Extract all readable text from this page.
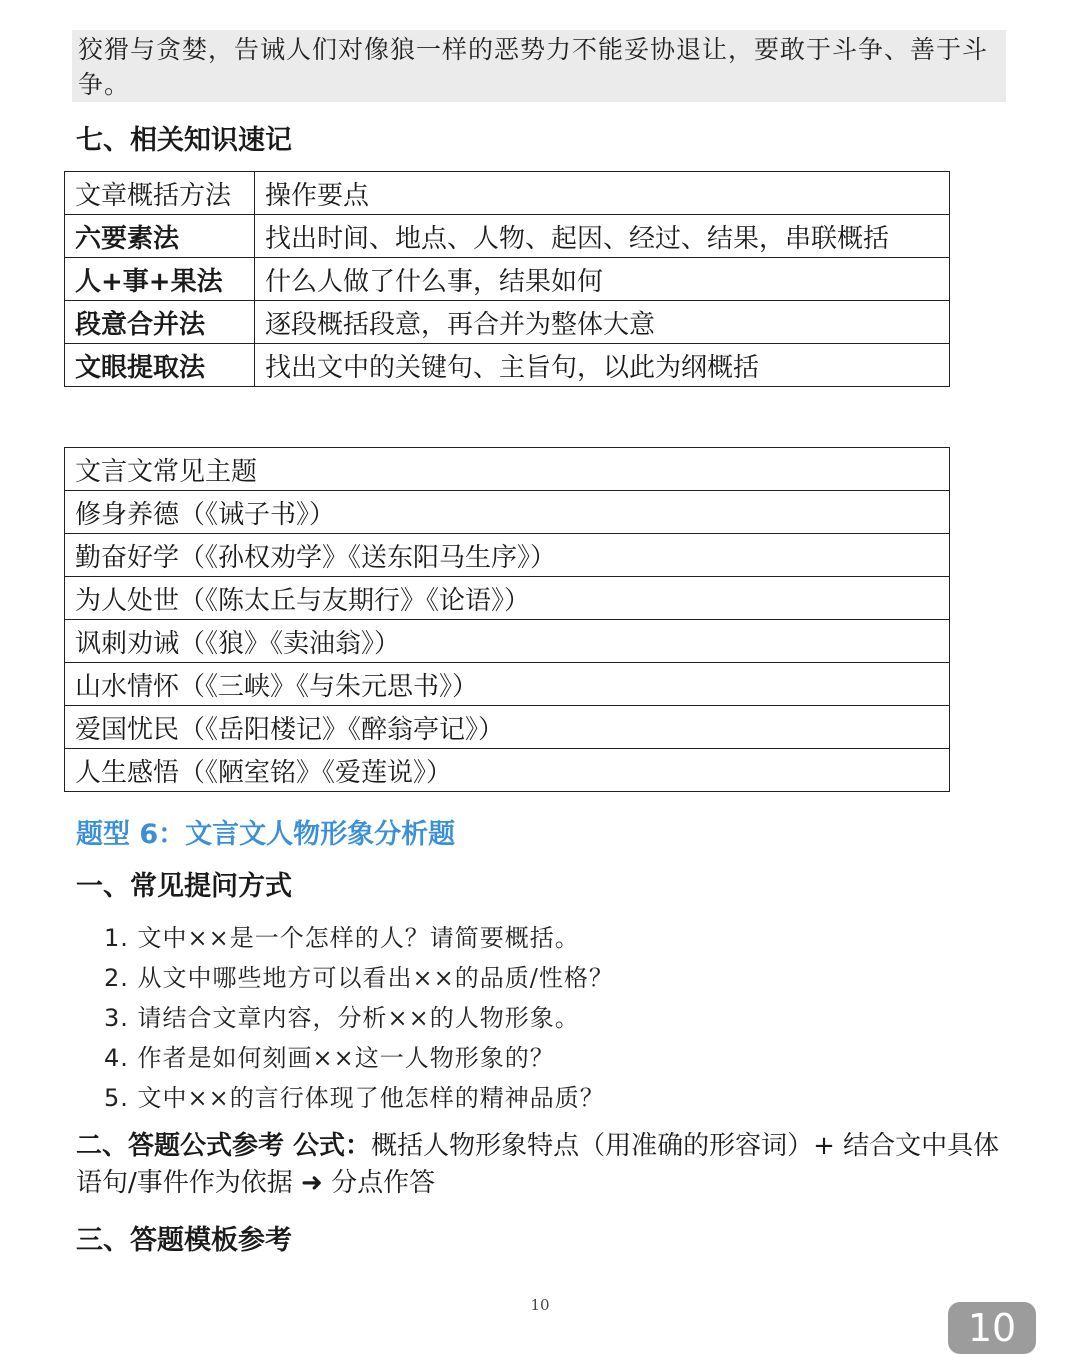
狡猾与贪婪，告诫人们对像狼一样的恶势力不能妥协退让，要敢于斗争、善于斗争。
七、相关知识速记
文章概括方法	操作要点
六要素法	找出时间、地点、人物、起因、经过、结果，串联概括
人+事+果法	什么人做了什么事，结果如何
段意合并法	逐段概括段意，再合并为整体大意
文眼提取法	找出文中的关键句、主旨句，以此为纲概括
文言文常见主题
修身养德（《诫子书》）
勤奋好学（《孙权劝学》《送东阳马生序》）
为人处世（《陈太丘与友期行》《论语》）
讽刺劝诫（《狼》《卖油翁》）
山水情怀（《三峡》《与朱元思书》）
爱国忧民（《岳阳楼记》《醉翁亭记》）
人生感悟（《陋室铭》《爱莲说》）
题型 6：文言文人物形象分析题
一、常见提问方式
1. 文中××是一个怎样的人？请简要概括。
2. 从文中哪些地方可以看出××的品质/性格？
3. 请结合文章内容，分析××的人物形象。
4. 作者是如何刻画××这一人物形象的？
5. 文中××的言行体现了他怎样的精神品质？
二、答题公式参考 公式：概括人物形象特点（用准确的形容词）+ 结合文中具体语句/事件作为依据 ➜ 分点作答
三、答题模板参考
10
10
